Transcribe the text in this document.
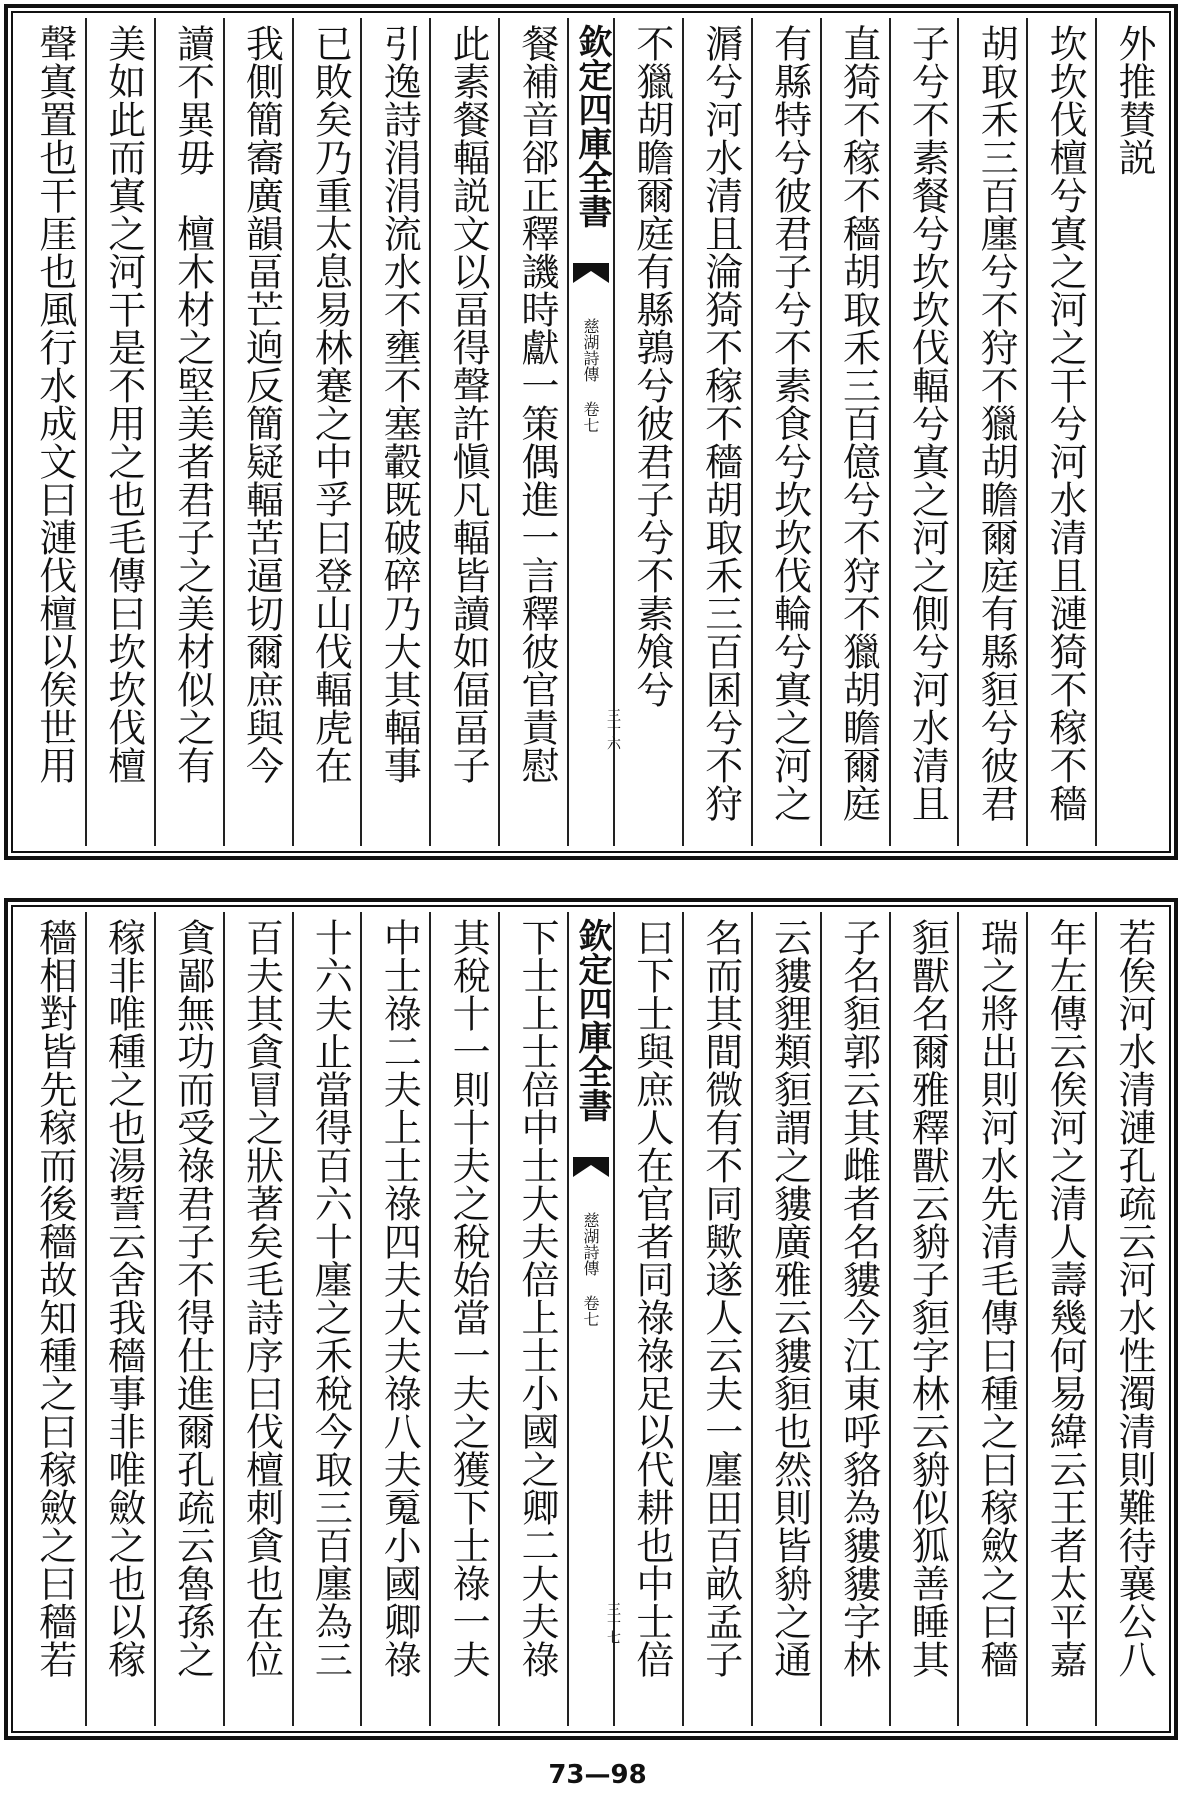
外推賛説
坎坎伐檀兮寘之河之干兮河水清且漣猗不稼不穡
胡取禾三百廛兮不狩不獵胡瞻爾庭有縣貆兮彼君
子兮不素餐兮坎坎伐輻兮寘之河之側兮河水清且
直猗不稼不穡胡取禾三百億兮不狩不獵胡瞻爾庭
有縣特兮彼君子兮不素食兮坎坎伐輪兮寘之河之
漘兮河水清且淪猗不稼不穡胡取禾三百囷兮不狩
不獵胡瞻爾庭有縣鶉兮彼君子兮不素飧兮
欽定四庫全書
慈湖詩傳 卷七
三十六
餐補音郤正釋譏時獻一策偶進一言釋彼官責慰
此素餐輻説文以畐得聲許愼凡輻皆讀如偪畐子
引逸詩涓涓流水不壅不塞轂既破碎乃大其輻事
已敗矣乃重太息易林蹇之中孚曰登山伐輻虎在
我側簡㝯廣韻畐芒逈反簡疑輻苦逼切爾庶與今
讀不異毋　檀木材之堅美者君子之美材似之有
美如此而寘之河干是不用之也毛傳曰坎坎伐檀
聲寘置也干厓也風行水成文曰漣伐檀以俟世用
若俟河水清漣孔疏云河水性濁清則難待襄公八
年左傳云俟河之清人壽幾何易緯云王者太平嘉
瑞之將出則河水先清毛傳曰種之曰稼斂之曰穡
貆獸名爾雅釋獸云貈子貆字林云貈似狐善睡其
子名貆郭云其雌者名貗今江東呼貉為貗貗字林
云貗貍類貆謂之貗廣雅云貗貆也然則皆貈之通
名而其間微有不同歟遂人云夫一廛田百畝孟子
曰下士與庶人在官者同祿祿足以代耕也中士倍
欽定四庫全書
慈湖詩傳 卷七
三十七
下士上士倍中士大夫倍上士小國之卿二大夫祿
其稅十一則十夫之稅始當一夫之獲下士祿一夫
中士祿二夫上士祿四夫大夫祿八夫䰟小國卿祿
十六夫止當得百六十廛之禾稅今取三百廛為三
百夫其貪冒之狀著矣毛詩序曰伐檀刺貪也在位
貪鄙無功而受祿君子不得仕進爾孔疏云魯孫之
稼非唯種之也湯誓云舍我穡事非唯斂之也以稼
穡相對皆先稼而後穡故知種之曰稼斂之曰穡若
73—98
